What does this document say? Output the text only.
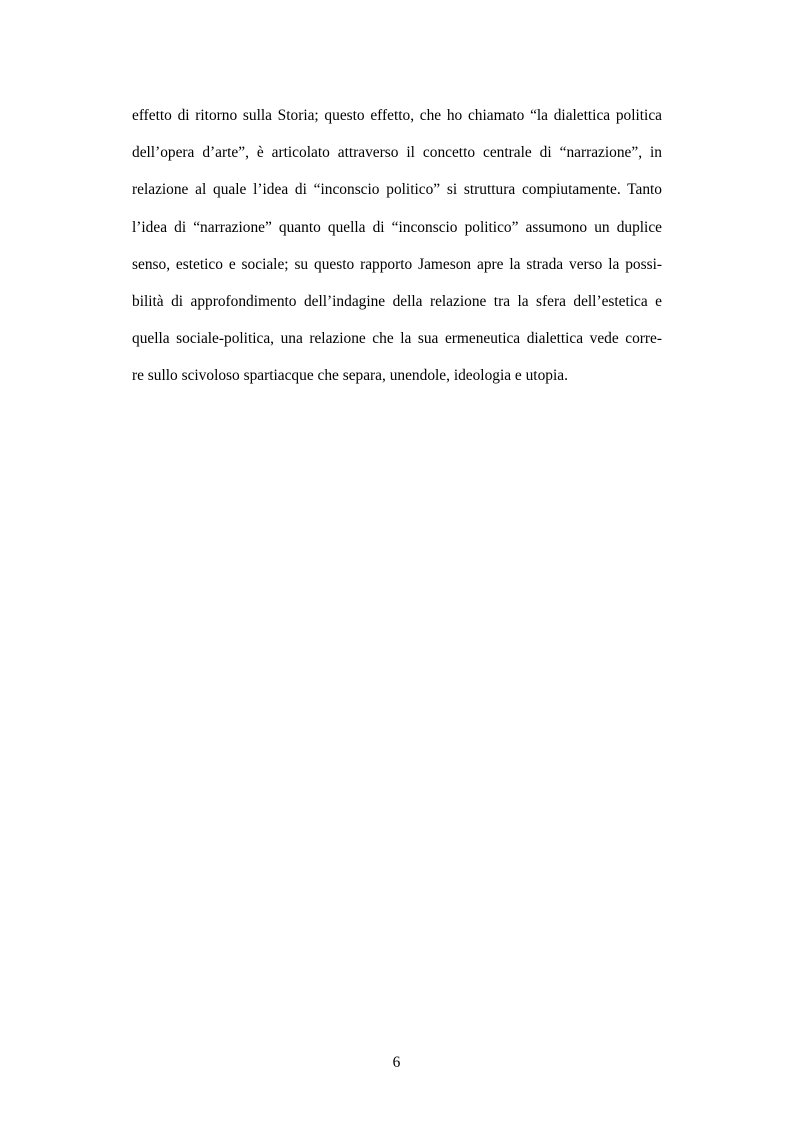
effetto di ritorno sulla Storia; questo effetto, che ho chiamato “la dialettica politica
dell’opera d’arte”, è articolato attraverso il concetto centrale di “narrazione”, in
relazione al quale l’idea di “inconscio politico” si struttura compiutamente. Tanto
l’idea di “narrazione” quanto quella di “inconscio politico” assumono un duplice
senso, estetico e sociale; su questo rapporto Jameson apre la strada verso la possi-
bilità di approfondimento dell’indagine della relazione tra la sfera dell’estetica e
quella sociale-politica, una relazione che la sua ermeneutica dialettica vede corre-
re sullo scivoloso spartiacque che separa, unendole, ideologia e utopia.
6
